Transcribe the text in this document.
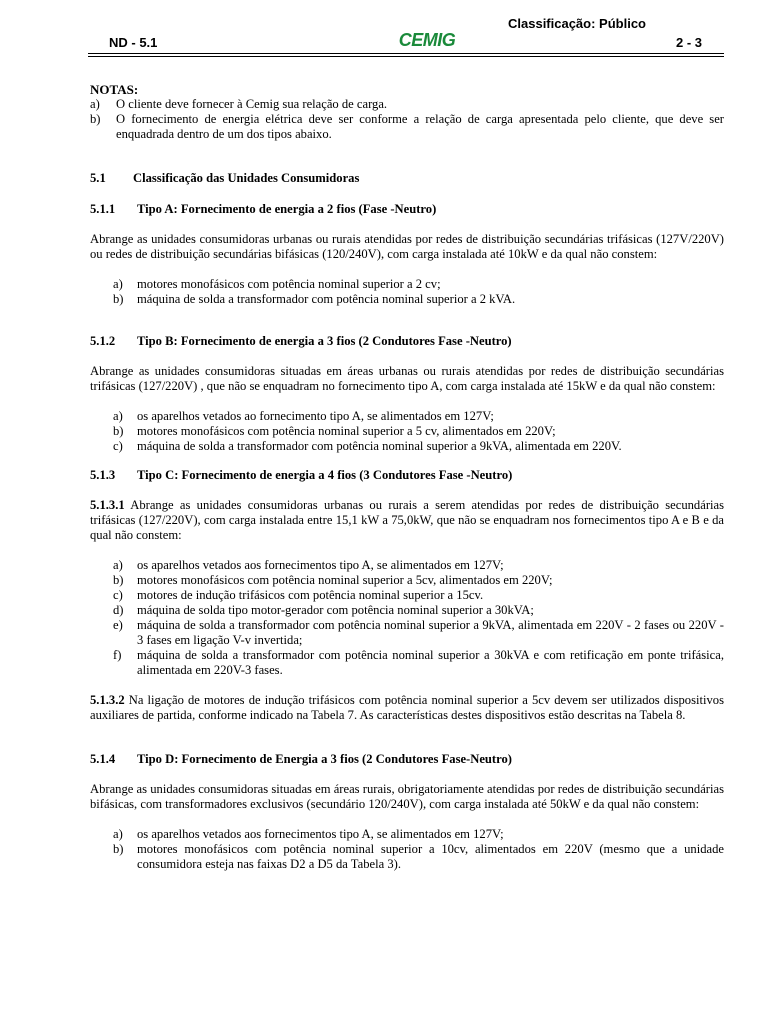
Classificação: Público
ND - 5.1	CEMIG	2 - 3

NOTAS:

a)	O cliente deve fornecer à Cemig sua relação de carga.
b)	O fornecimento de energia elétrica deve ser conforme a relação de carga apresentada pelo cliente, que deve ser enquadrada dentro de um dos tipos abaixo.

5.1	Classificação das Unidades Consumidoras

5.1.1	Tipo A: Fornecimento de energia a 2 fios (Fase -Neutro)

Abrange as unidades consumidoras urbanas ou rurais atendidas por redes de distribuição secundárias trifásicas (127V/220V) ou redes de distribuição secundárias bifásicas (120/240V), com carga instalada até 10kW e da qual não constem:

a)	motores monofásicos com potência nominal superior a 2 cv;
b)	máquina de solda a transformador com potência nominal superior a 2 kVA.

5.1.2	Tipo B: Fornecimento de energia a 3 fios (2 Condutores Fase -Neutro)

Abrange as unidades consumidoras situadas em áreas urbanas ou rurais atendidas por redes de distribuição secundárias trifásicas (127/220V) , que não se enquadram no fornecimento tipo A, com carga instalada até 15kW e da qual não constem:

a)	os aparelhos vetados ao fornecimento tipo A, se alimentados em 127V;
b)	motores monofásicos com potência nominal superior a 5 cv, alimentados em 220V;
c)	máquina de solda a transformador com potência nominal superior a 9kVA, alimentada em 220V.

5.1.3	Tipo C: Fornecimento de energia a 4 fios (3 Condutores Fase -Neutro)

5.1.3.1 Abrange as unidades consumidoras urbanas ou rurais a serem atendidas por redes de distribuição secundárias trifásicas (127/220V), com carga instalada entre 15,1 kW a 75,0kW, que não se enquadram nos fornecimentos tipo A e B e da qual não constem:

a)	os aparelhos vetados aos fornecimentos tipo A, se alimentados em 127V;
b)	motores monofásicos com potência nominal superior a 5cv, alimentados em 220V;
c)	motores de indução trifásicos com potência nominal superior a 15cv.
d)	máquina de solda tipo motor-gerador com potência nominal superior a 30kVA;
e)	máquina de solda a transformador com potência nominal superior a 9kVA, alimentada em 220V - 2 fases ou 220V - 3 fases em ligação V-v invertida;
f)	máquina de solda a transformador com potência nominal superior a 30kVA e com retificação em ponte trifásica, alimentada em 220V-3 fases.

5.1.3.2 Na ligação de motores de indução trifásicos com potência nominal superior a 5cv devem ser utilizados dispositivos auxiliares de partida, conforme indicado na Tabela 7. As características destes dispositivos estão descritas na Tabela 8.

5.1.4	Tipo D: Fornecimento de Energia a 3 fios (2 Condutores Fase-Neutro)

Abrange as unidades consumidoras situadas em áreas rurais, obrigatoriamente atendidas por redes de distribuição secundárias bifásicas, com transformadores exclusivos (secundário 120/240V), com carga instalada até 50kW e da qual não constem:

a)	os aparelhos vetados aos fornecimentos tipo A, se alimentados em 127V;
b)	motores monofásicos com potência nominal superior a 10cv, alimentados em 220V (mesmo que a unidade consumidora esteja nas faixas D2 a D5 da Tabela 3).
